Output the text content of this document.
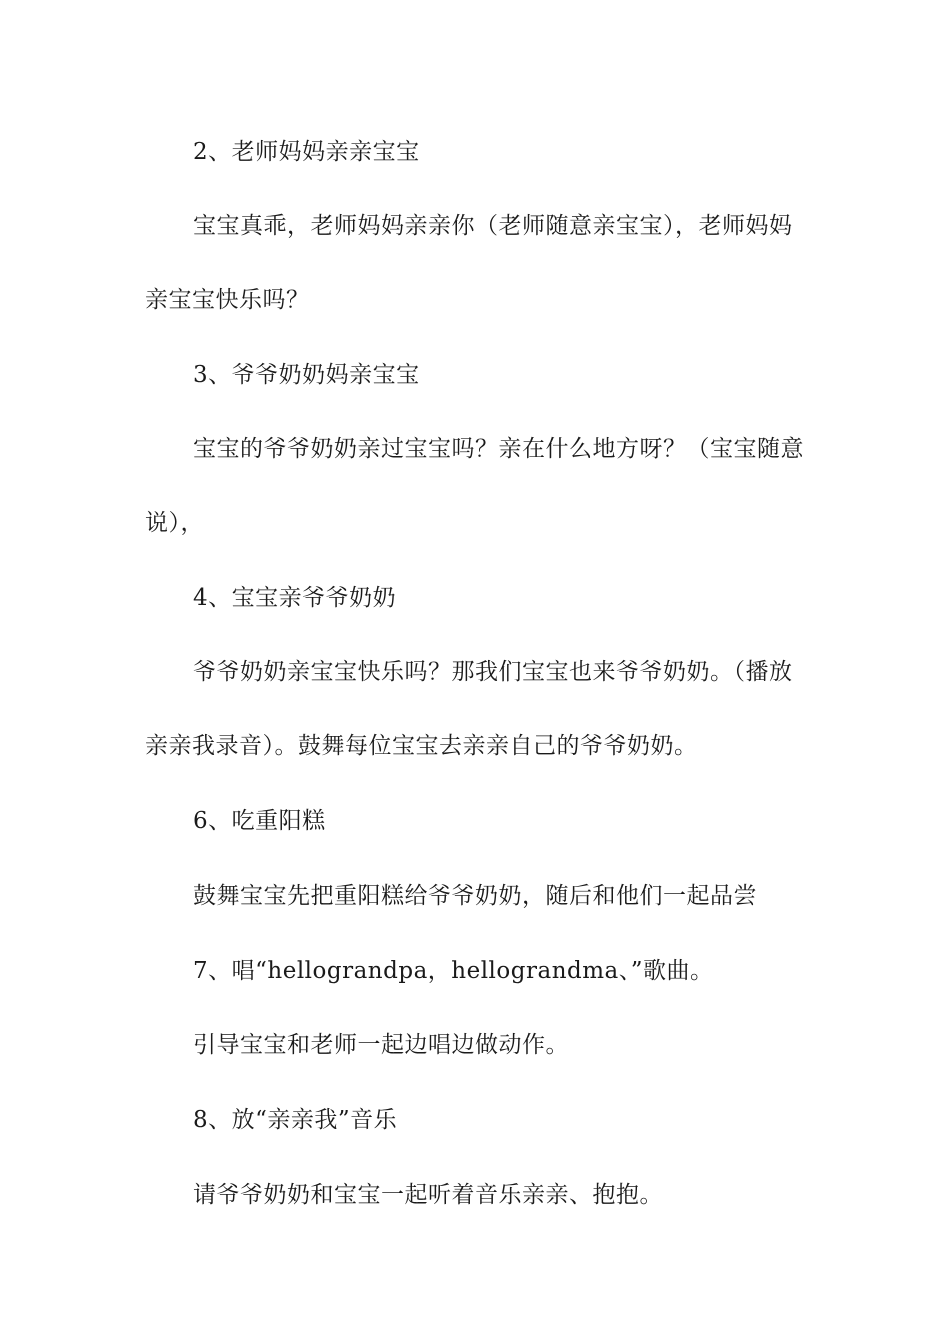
2、老师妈妈亲亲宝宝

宝宝真乖，老师妈妈亲亲你（老师随意亲宝宝），老师妈妈亲宝宝快乐吗？

3、爷爷奶奶妈亲宝宝

宝宝的爷爷奶奶亲过宝宝吗？亲在什么地方呀？（宝宝随意说），

4、宝宝亲爷爷奶奶

爷爷奶奶亲宝宝快乐吗？那我们宝宝也来爷爷奶奶。（播放亲亲我录音）。鼓舞每位宝宝去亲亲自己的爷爷奶奶。

6、吃重阳糕

鼓舞宝宝先把重阳糕给爷爷奶奶，随后和他们一起品尝

7、唱“hellograndpa，hellograndma、”歌曲。

引导宝宝和老师一起边唱边做动作。

8、放“亲亲我”音乐

请爷爷奶奶和宝宝一起听着音乐亲亲、抱抱。
